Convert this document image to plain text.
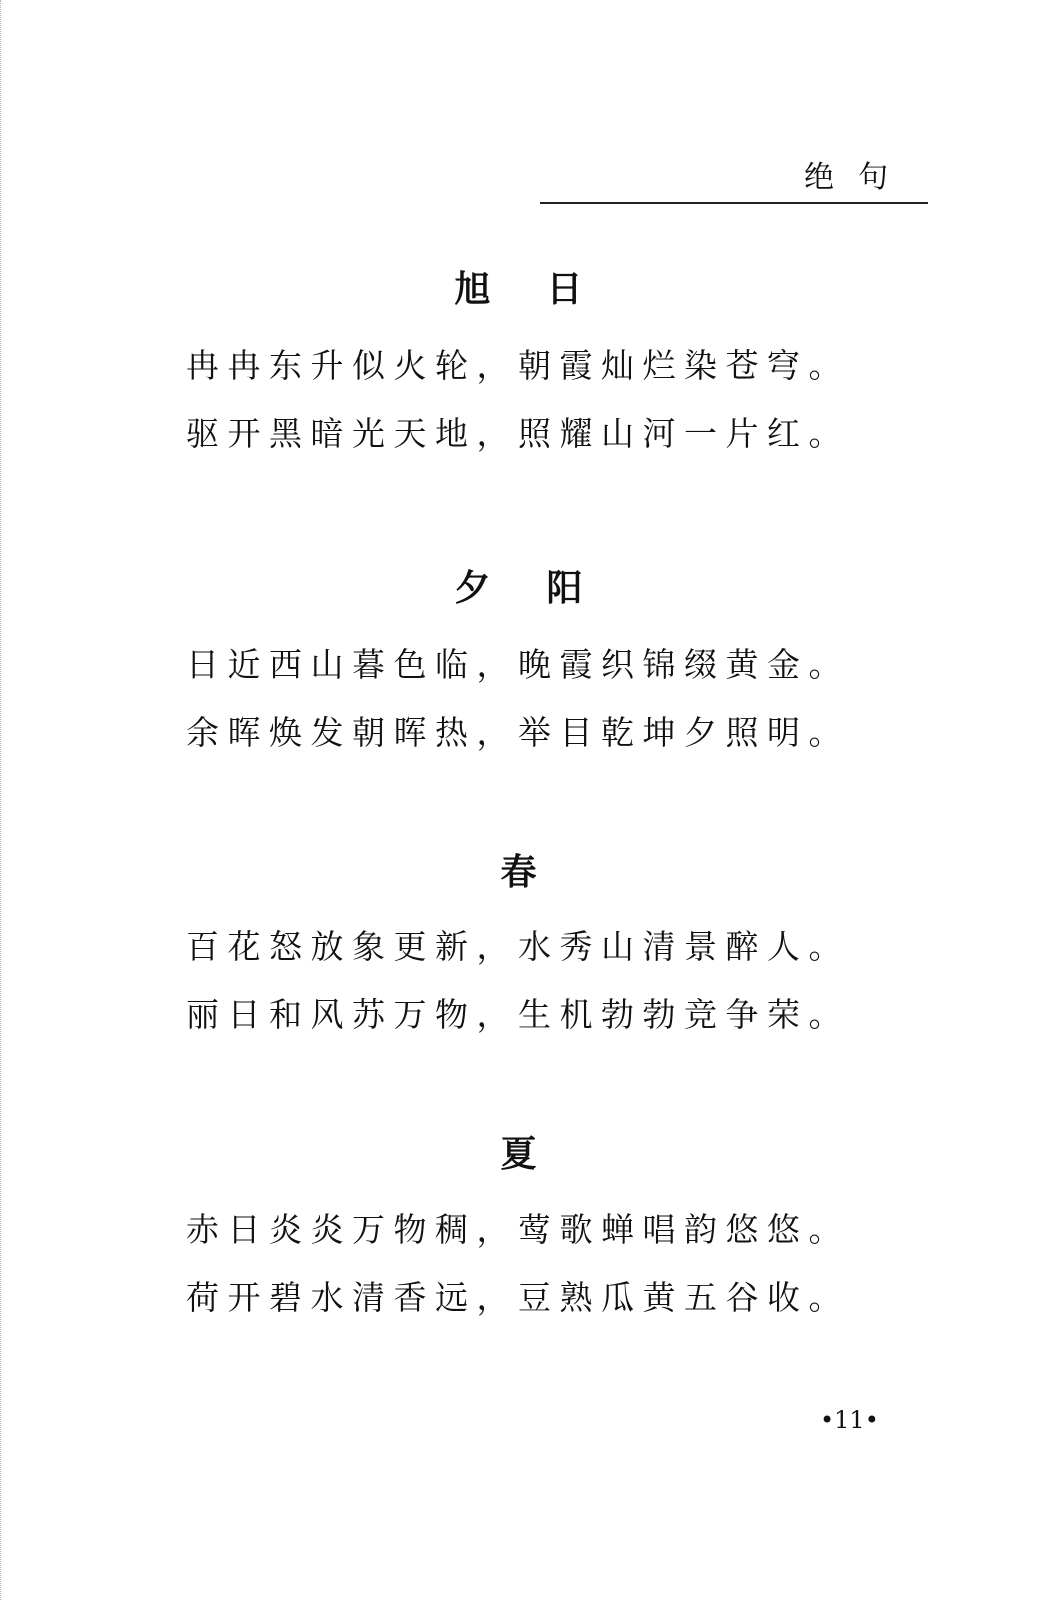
绝句
旭日
冉冉东升似火轮，朝霞灿烂染苍穹。
驱开黑暗光天地，照耀山河一片红。
夕阳
日近西山暮色临，晚霞织锦缀黄金。
余晖焕发朝晖热，举目乾坤夕照明。
春
百花怒放象更新，水秀山清景醉人。
丽日和风苏万物，生机勃勃竞争荣。
夏
赤日炎炎万物稠，莺歌蝉唱韵悠悠。
荷开碧水清香远，豆熟瓜黄五谷收。
•11•
